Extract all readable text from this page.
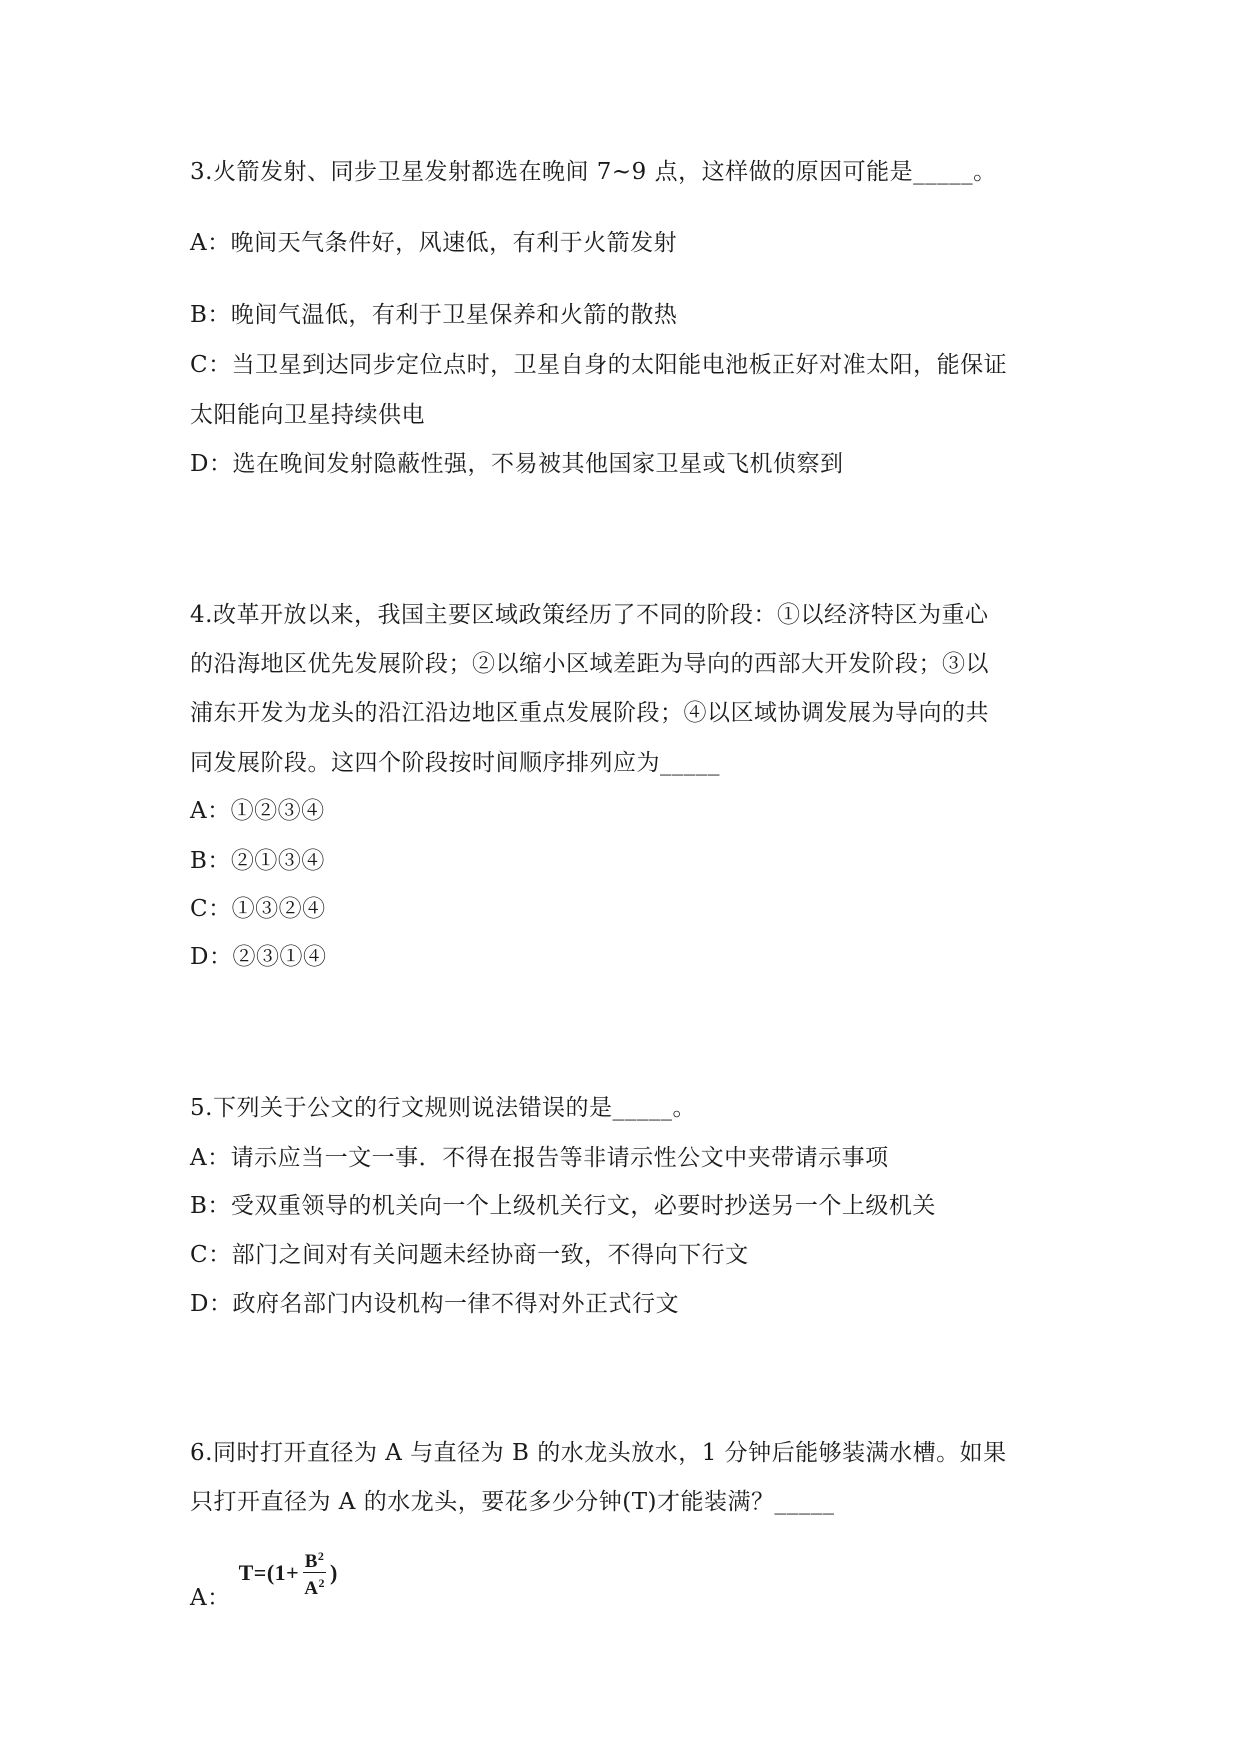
3.火箭发射、同步卫星发射都选在晚间 7~9 点，这样做的原因可能是_____。
A：晚间天气条件好，风速低，有利于火箭发射
B：晚间气温低，有利于卫星保养和火箭的散热
C：当卫星到达同步定位点时，卫星自身的太阳能电池板正好对准太阳，能保证
太阳能向卫星持续供电
D：选在晚间发射隐蔽性强，不易被其他国家卫星或飞机侦察到
4.改革开放以来，我国主要区域政策经历了不同的阶段：①以经济特区为重心
的沿海地区优先发展阶段；②以缩小区域差距为导向的西部大开发阶段；③以
浦东开发为龙头的沿江沿边地区重点发展阶段；④以区域协调发展为导向的共
同发展阶段。这四个阶段按时间顺序排列应为_____
A：①②③④
B：②①③④
C：①③②④
D：②③①④
5.下列关于公文的行文规则说法错误的是_____。
A：请示应当一文一事．不得在报告等非请示性公文中夹带请示事项
B：受双重领导的机关向一个上级机关行文，必要时抄送另一个上级机关
C：部门之间对有关问题未经协商一致，不得向下行文
D：政府名部门内设机构一律不得对外正式行文
6.同时打开直径为 A 与直径为 B 的水龙头放水，1 分钟后能够装满水槽。如果
只打开直径为 A 的水龙头，要花多少分钟(T)才能装满？_____
A：
$T=(1+ \frac{B^2}{A^2}$ )
